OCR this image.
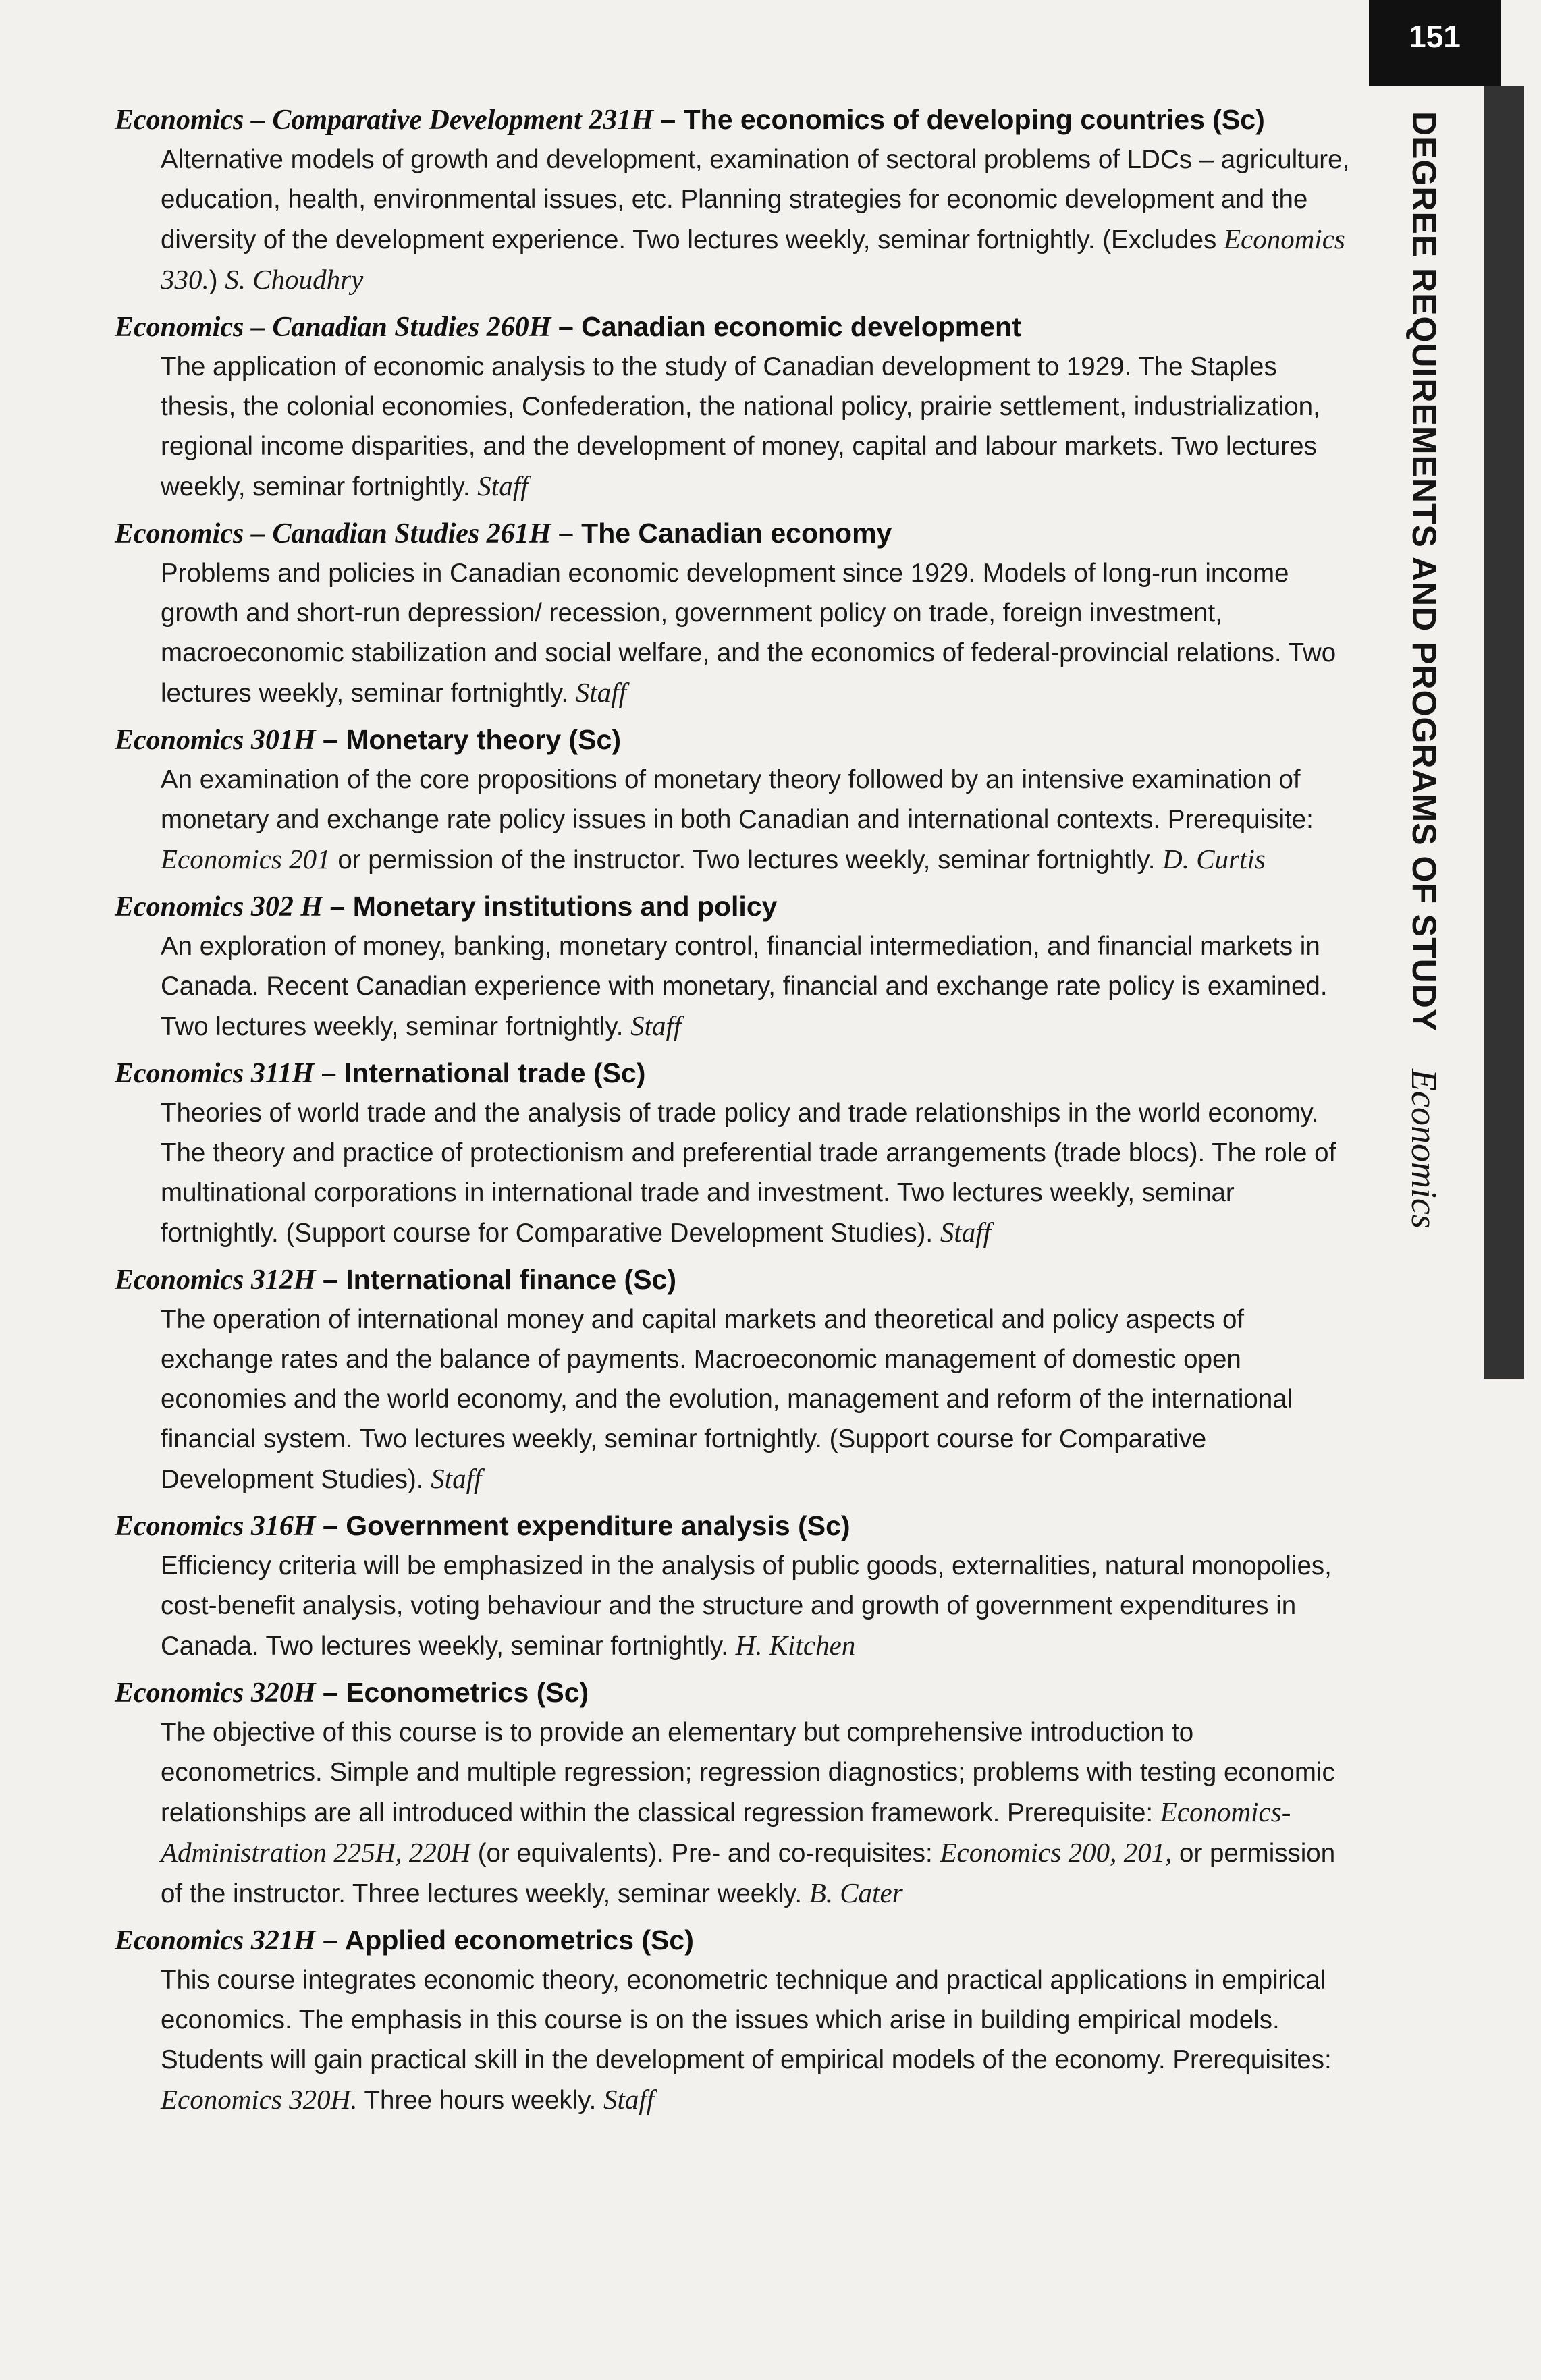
151
DEGREE REQUIREMENTS AND PROGRAMS OF STUDY
Economics
Economics – Comparative Development 231H – The economics of developing countries (Sc)
Alternative models of growth and development, examination of sectoral problems of LDCs – agriculture, education, health, environmental issues, etc. Planning strategies for economic development and the diversity of the development experience. Two lectures weekly, seminar fortnightly. (Excludes Economics 330.) S. Choudhry
Economics – Canadian Studies 260H – Canadian economic development
The application of economic analysis to the study of Canadian development to 1929. The Staples thesis, the colonial economies, Confederation, the national policy, prairie settlement, industrialization, regional income disparities, and the development of money, capital and labour markets. Two lectures weekly, seminar fortnightly. Staff
Economics – Canadian Studies 261H – The Canadian economy
Problems and policies in Canadian economic development since 1929. Models of long-run income growth and short-run depression/ recession, government policy on trade, foreign investment, macroeconomic stabilization and social welfare, and the economics of federal-provincial relations. Two lectures weekly, seminar fortnightly. Staff
Economics 301H – Monetary theory (Sc)
An examination of the core propositions of monetary theory followed by an intensive examination of monetary and exchange rate policy issues in both Canadian and international contexts. Prerequisite: Economics 201 or permission of the instructor. Two lectures weekly, seminar fortnightly. D. Curtis
Economics 302 H – Monetary institutions and policy
An exploration of money, banking, monetary control, financial intermediation, and financial markets in Canada. Recent Canadian experience with monetary, financial and exchange rate policy is examined. Two lectures weekly, seminar fortnightly. Staff
Economics 311H – International trade (Sc)
Theories of world trade and the analysis of trade policy and trade relationships in the world economy. The theory and practice of protectionism and preferential trade arrangements (trade blocs). The role of multinational corporations in international trade and investment. Two lectures weekly, seminar fortnightly. (Support course for Comparative Development Studies). Staff
Economics 312H – International finance (Sc)
The operation of international money and capital markets and theoretical and policy aspects of exchange rates and the balance of payments. Macroeconomic management of domestic open economies and the world economy, and the evolution, management and reform of the international financial system. Two lectures weekly, seminar fortnightly. (Support course for Comparative Development Studies). Staff
Economics 316H – Government expenditure analysis (Sc)
Efficiency criteria will be emphasized in the analysis of public goods, externalities, natural monopolies, cost-benefit analysis, voting behaviour and the structure and growth of government expenditures in Canada. Two lectures weekly, seminar fortnightly. H. Kitchen
Economics 320H – Econometrics (Sc)
The objective of this course is to provide an elementary but comprehensive introduction to econometrics. Simple and multiple regression; regression diagnostics; problems with testing economic relationships are all introduced within the classical regression framework. Prerequisite: Economics-Administration 225H, 220H (or equivalents). Pre- and co-requisites: Economics 200, 201, or permission of the instructor. Three lectures weekly, seminar weekly. B. Cater
Economics 321H – Applied econometrics (Sc)
This course integrates economic theory, econometric technique and practical applications in empirical economics. The emphasis in this course is on the issues which arise in building empirical models. Students will gain practical skill in the development of empirical models of the economy. Prerequisites: Economics 320H. Three hours weekly. Staff
